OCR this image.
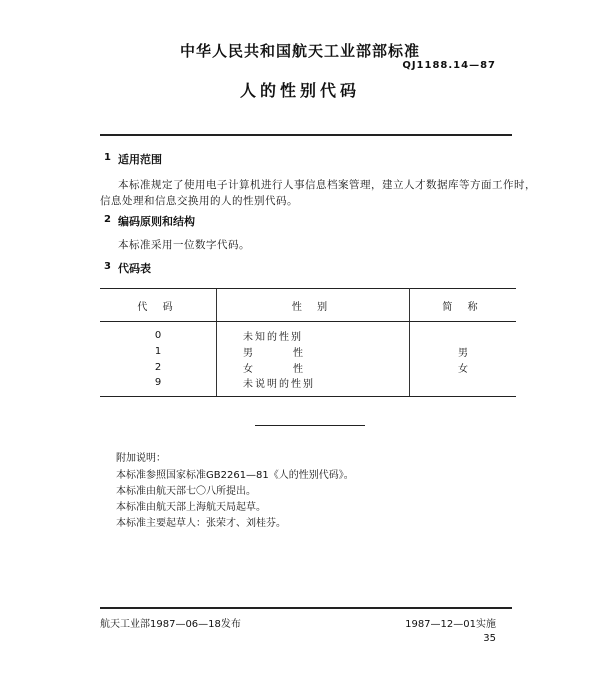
中华人民共和国航天工业部部标准
QJ1188.14—87
人的性别代码
1 适用范围
本标准规定了使用电子计算机进行人事信息档案管理，建立人才数据库等方面工作时，
信息处理和信息交换用的人的性别代码。
2 编码原则和结构
本标准采用一位数字代码。
3 代码表
代 码	性 别	简 称
0	未知的性别	
1	男　　　　性	男
2	女　　　　性	女
9	未说明的性别	
附加说明：
本标准参照国家标准GB2261—81《人的性别代码》。
本标准由航天部七〇八所提出。
本标准由航天部上海航天局起草。
本标准主要起草人：张荣才、刘桂芬。
航天工业部1987—06—18发布	1987—12—01实施
35
